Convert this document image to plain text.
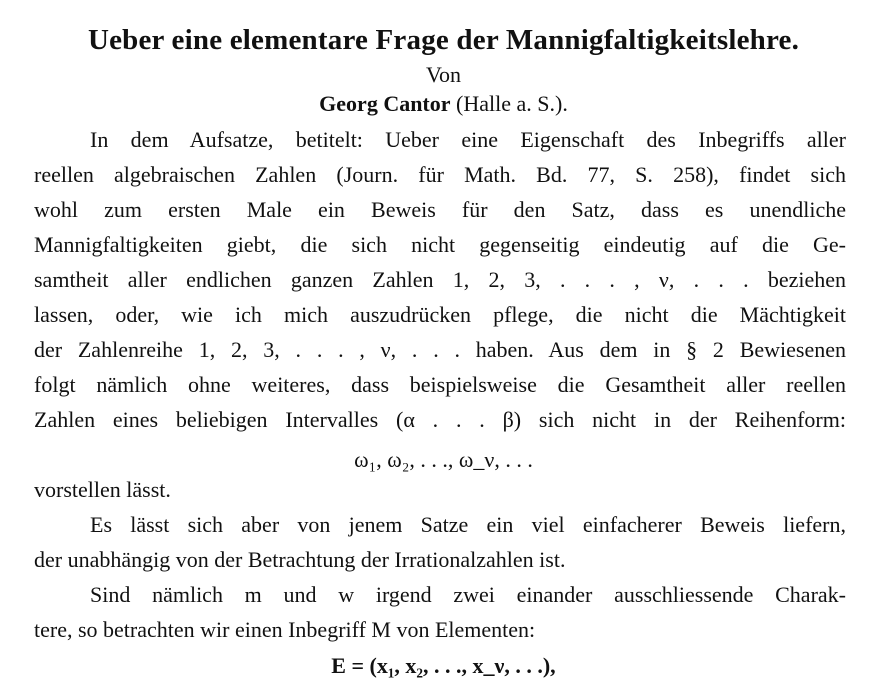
Ueber eine elementare Frage der Mannigfaltigkeitslehre.
Von
Georg Cantor (Halle a. S.).
In dem Aufsatze, betitelt: Ueber eine Eigenschaft des Inbegriffs aller
reellen algebraischen Zahlen (Journ. für Math. Bd. 77, S. 258), findet sich
wohl zum ersten Male ein Beweis für den Satz, dass es unendliche
Mannigfaltigkeiten giebt, die sich nicht gegenseitig eindeutig auf die Ge-
samtheit aller endlichen ganzen Zahlen 1, 2, 3, . . . , ν, . . . beziehen
lassen, oder, wie ich mich auszudrücken pflege, die nicht die Mächtigkeit
der Zahlenreihe 1, 2, 3, . . . , ν, . . . haben. Aus dem in § 2 Bewiesenen
folgt nämlich ohne weiteres, dass beispielsweise die Gesamtheit aller reellen
Zahlen eines beliebigen Intervalles (α . . . β) sich nicht in der Reihenform:
ω₁, ω₂, . . ., ω_ν, . . .
vorstellen lässt.
Es lässt sich aber von jenem Satze ein viel einfacherer Beweis liefern,
der unabhängig von der Betrachtung der Irrationalzahlen ist.
Sind nämlich m und w irgend zwei einander ausschliessende Charak-
tere, so betrachten wir einen Inbegriff M von Elementen:
E = (x₁, x₂, . . ., x_ν, . . .),
